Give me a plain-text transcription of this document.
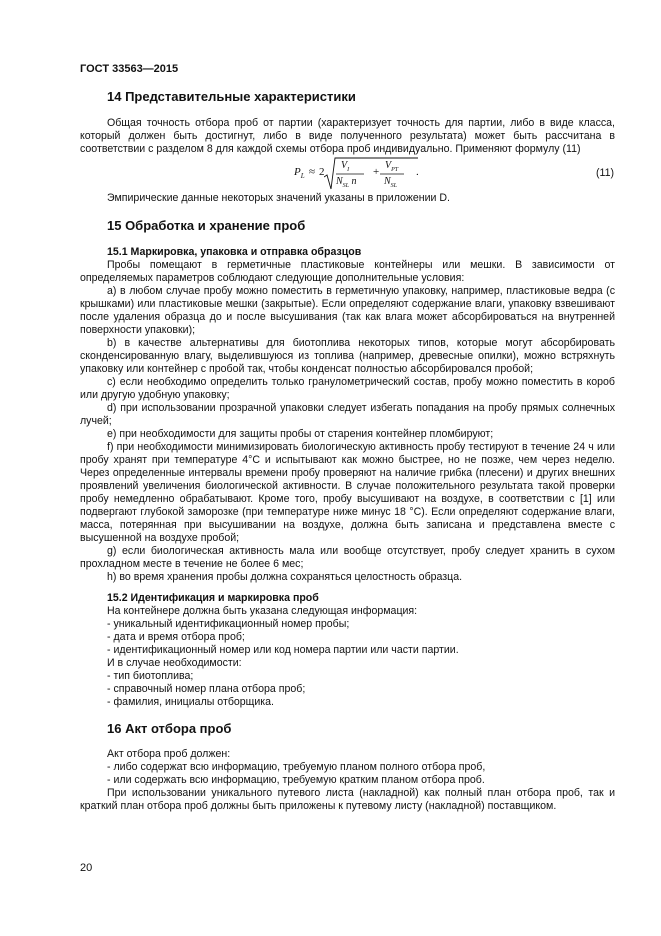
ГОСТ 33563—2015
14 Представительные характеристики

Общая точность отбора проб от партии (характеризует точность для партии, либо в виде класса, который должен быть достигнут, либо в виде полученного результата) может быть рассчитана в соответствии с разделом 8 для каждой схемы отбора проб индивидуально. Применяют формулу (11)

$P_L \approx 2$
$V_I$
$N_{SL}$ n
+
$V_{PT}$
$N_{SL}$
.	(11)
Эмпирические данные некоторых значений указаны в приложении D.
15 Обработка и хранение проб
15.1 Маркировка, упаковка и отправка образцов

Пробы помещают в герметичные пластиковые контейнеры или мешки. В зависимости от определяемых параметров соблюдают следующие дополнительные условия:

а) в любом случае пробу можно поместить в герметичную упаковку, например, пластиковые ведра (с крышками) или пластиковые мешки (закрытые). Если определяют содержание влаги, упаковку взвешивают после удаления образца до и после высушивания (так как влага может абсорбироваться на внутренней поверхности упаковки);

b) в качестве альтернативы для биотоплива некоторых типов, которые могут абсорбировать сконденсированную влагу, выделившуюся из топлива (например, древесные опилки), можно встряхнуть упаковку или контейнер с пробой так, чтобы конденсат полностью абсорбировался пробой;

с) если необходимо определить только гранулометрический состав, пробу можно поместить в короб или другую удобную упаковку;

d) при использовании прозрачной упаковки следует избегать попадания на пробу прямых солнечных лучей;

е) при необходимости для защиты пробы от старения контейнер пломбируют;

f) при необходимости минимизировать биологическую активность пробу тестируют в течение 24 ч или пробу хранят при температуре 4°С и испытывают как можно быстрее, но не позже, чем через неделю. Через определенные интервалы времени пробу проверяют на наличие грибка (плесени) и других внешних проявлений увеличения биологической активности. В случае положительного результата такой проверки пробу немедленно обрабатывают. Кроме того, пробу высушивают на воздухе, в соответствии с [1] или подвергают глубокой заморозке (при температуре ниже минус 18 °С). Если определяют содержание влаги, масса, потерянная при высушивании на воздухе, должна быть записана и представлена вместе с высушенной на воздухе пробой;

g) если биологическая активность мала или вообще отсутствует, пробу следует хранить в сухом прохладном месте в течение не более 6 мес;

h) во время хранения пробы должна сохраняться целостность образца.

15.2 Идентификация и маркировка проб
На контейнере должна быть указана следующая информация:
- уникальный идентификационный номер пробы;
- дата и время отбора проб;
- идентификационный номер или код номера партии или части партии.
И в случае необходимости:
- тип биотоплива;
- справочный номер плана отбора проб;
- фамилия, инициалы отборщика.
16 Акт отбора проб
Акт отбора проб должен:
- либо содержат всю информацию, требуемую планом полного отбора проб,
- или содержать всю информацию, требуемую кратким планом отбора проб.

При использовании уникального путевого листа (накладной) как полный план отбора проб, так и краткий план отбора проб должны быть приложены к путевому листу (накладной) поставщиком.

20
